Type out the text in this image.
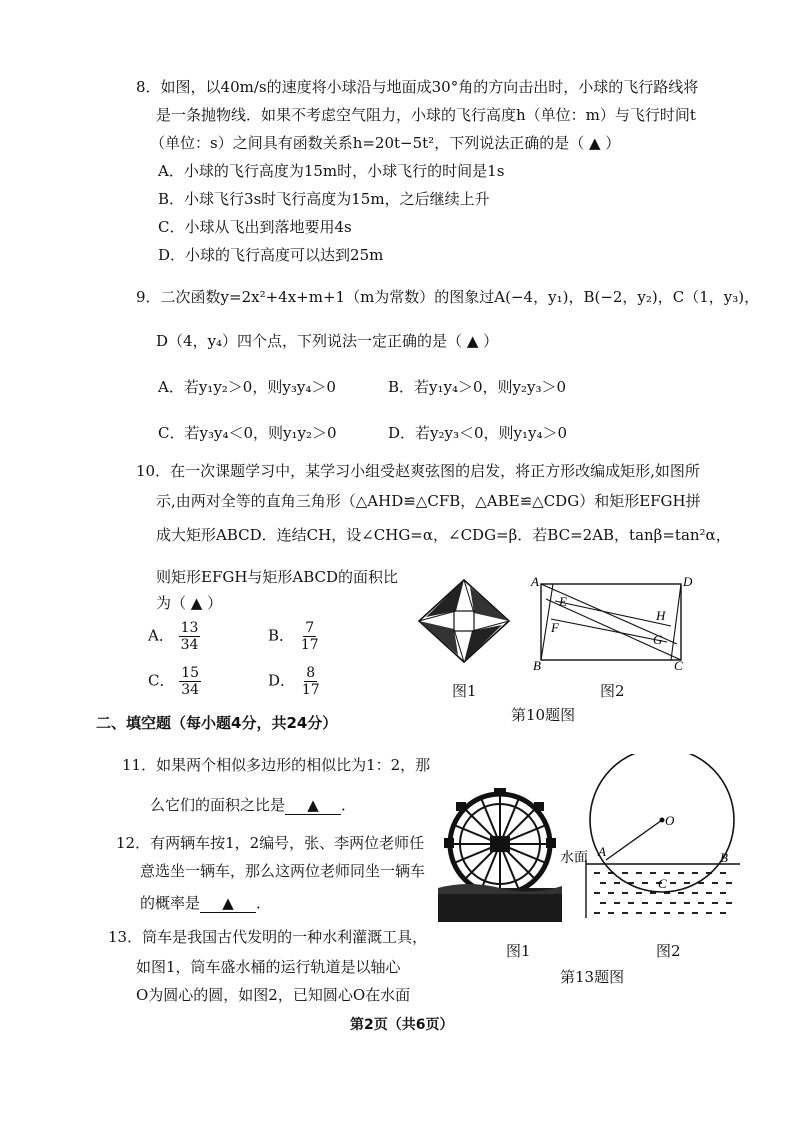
8．如图，以40m/s的速度将小球沿与地面成30°角的方向击出时，小球的飞行路线将
是一条抛物线．如果不考虑空气阻力，小球的飞行高度h（单位：m）与飞行时间t
（单位：s）之间具有函数关系h=20t−5t²，下列说法正确的是（ ▲ ）
A．小球的飞行高度为15m时，小球飞行的时间是1s
B．小球飞行3s时飞行高度为15m，之后继续上升
C．小球从飞出到落地要用4s
D．小球的飞行高度可以达到25m
9．二次函数y=2x²+4x+m+1（m为常数）的图象过A(−4，y₁)，B(−2，y₂)，C（1，y₃)，
D（4，y₄）四个点，下列说法一定正确的是（ ▲ ）
A．若y₁y₂＞0，则y₃y₄＞0	B．若y₁y₄＞0，则y₂y₃＞0
C．若y₃y₄＜0，则y₁y₂＞0	D．若y₂y₃＜0，则y₁y₄＞0
10．在一次课题学习中，某学习小组受赵爽弦图的启发，将正方形改编成矩形,如图所
示,由两对全等的直角三角形（△AHD≌△CFB，△ABE≌△CDG）和矩形EFGH拼
成大矩形ABCD．连结CH，设∠CHG=α，∠CDG=β．若BC=2AB，tanβ=tan²α，
则矩形EFGH与矩形ABCD的面积比
为（ ▲ ）
A． $\frac{13}{34}$	B． $\frac{7}{17}$
C． $\frac{15}{34}$	D． $\frac{8}{17}$
A	D
B	C
E
F
G
H
图1	图2
第10题图
二、填空题（每小题4分，共24分）
11．如果两个相似多边形的相似比为1：2，那
么它们的面积之比是 ▲ ．
12．有两辆车按1，2编号，张、李两位老师任
意选坐一辆车，那么这两位老师同坐一辆车
的概率是 ▲ ．
13．筒车是我国古代发明的一种水利灌溉工具，
如图1，筒车盛水桶的运行轨道是以轴心
O为圆心的圆，如图2，已知圆心O在水面
O
A	B
C
水面
图1	图2
第13题图
第2页（共6页）
